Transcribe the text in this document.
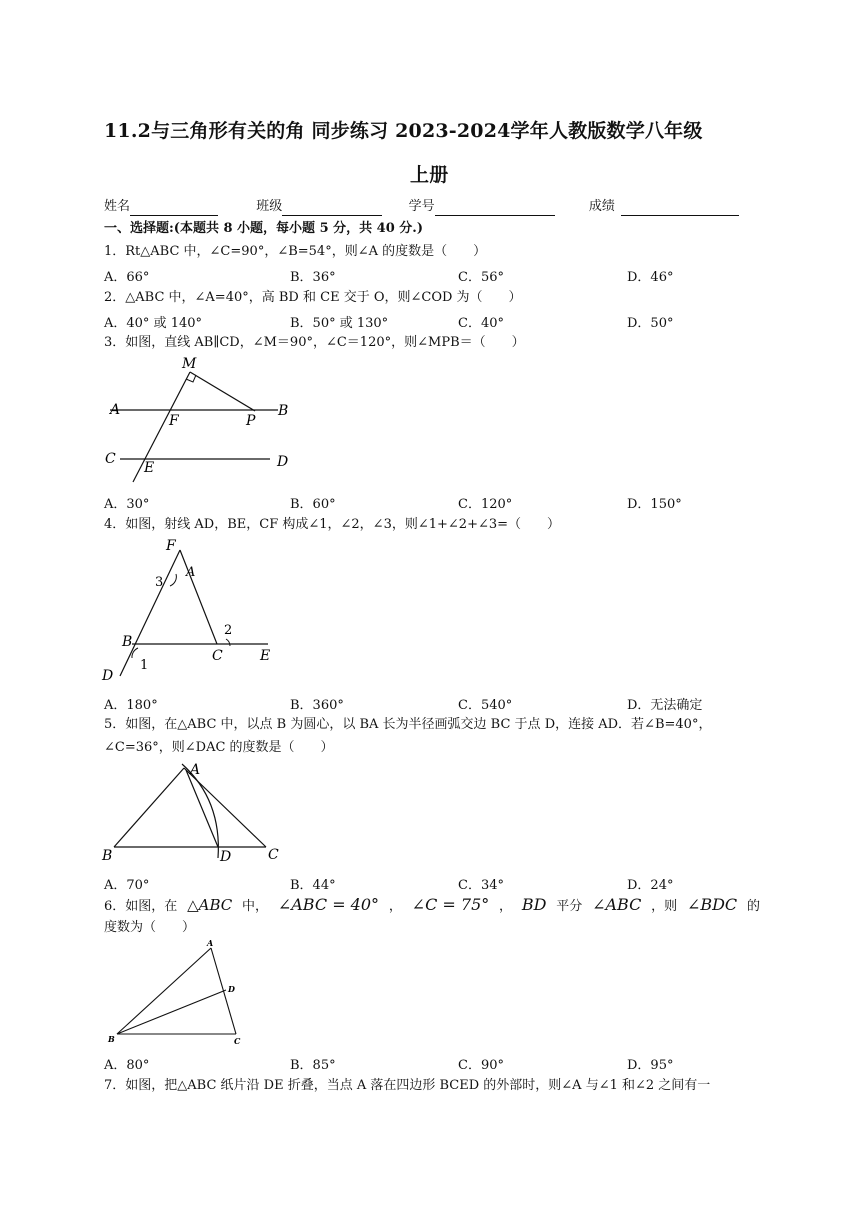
11.2与三角形有关的角 同步练习 2023-2024学年人教版数学八年级
上册
姓名	班级	学号	成绩
一、选择题:(本题共 8 小题，每小题 5 分，共 40 分.)
1．Rt△ABC 中，∠C=90°，∠B=54°，则∠A 的度数是（　　）
A．66°	B．36°	C．56°	D．46°
2．△ABC 中，∠A=40°，高 BD 和 CE 交于 O，则∠COD 为（　　）
A．40° 或 140°	B．50° 或 130°	C．40°	D．50°
3．如图，直线 AB∥CD，∠M＝90°，∠C＝120°，则∠MPB＝（　　）
M
A
F	P
B
C
E	D
A．30°	B．60°	C．120°	D．150°
4．如图，射线 AD，BE，CF 构成∠1，∠2，∠3，则∠1+∠2+∠3=（　　）
F
A
3
B
C
2
E
D
1
A．180°	B．360°	C．540°	D．无法确定
5．如图，在△ABC 中，以点 B 为圆心，以 BA 长为半径画弧交边 BC 于点 D，连接 AD．若∠B=40°，
∠C=36°，则∠DAC 的度数是（　　）
A
B	D	C
A．70°	B．44°	C．34°	D．24°
6．如图，在 △ABC 中， ∠ABC = 40° ， ∠C = 75° ， BD 平分 ∠ABC ，则 ∠BDC 的
度数为（　　）
A
D
B	C
A．80°	B．85°	C．90°	D．95°
7．如图，把△ABC 纸片沿 DE 折叠，当点 A 落在四边形 BCED 的外部时，则∠A 与∠1 和∠2 之间有一
